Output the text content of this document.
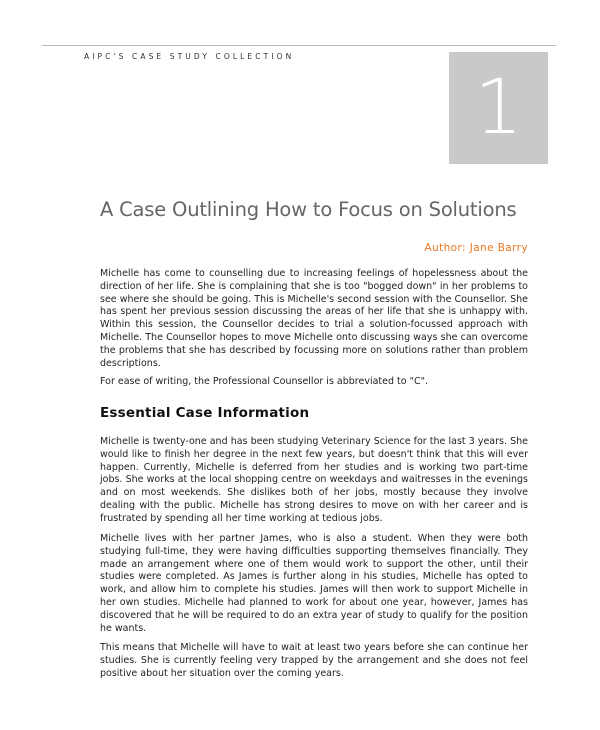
AIPC'S CASE STUDY COLLECTION
1
A Case Outlining How to Focus on Solutions
Author: Jane Barry

Michelle has come to counselling due to increasing feelings of hopelessness about the direction of her life. She is complaining that she is too "bogged down" in her problems to see where she should be going. This is Michelle's second session with the Counsellor. She has spent her previous session discussing the areas of her life that she is unhappy with. Within this session, the Counsellor decides to trial a solution-focussed approach with Michelle. The Counsellor hopes to move Michelle onto discussing ways she can overcome the problems that she has described by focussing more on solutions rather than problem descriptions.

For ease of writing, the Professional Counsellor is abbreviated to "C".

Essential Case Information

Michelle is twenty-one and has been studying Veterinary Science for the last 3 years. She would like to finish her degree in the next few years, but doesn't think that this will ever happen. Currently, Michelle is deferred from her studies and is working two part-time jobs. She works at the local shopping centre on weekdays and waitresses in the evenings and on most weekends. She dislikes both of her jobs, mostly because they involve dealing with the public. Michelle has strong desires to move on with her career and is frustrated by spending all her time working at tedious jobs.

Michelle lives with her partner James, who is also a student. When they were both studying full-time, they were having difficulties supporting themselves financially. They made an arrangement where one of them would work to support the other, until their studies were completed. As James is further along in his studies, Michelle has opted to work, and allow him to complete his studies. James will then work to support Michelle in her own studies. Michelle had planned to work for about one year, however, James has discovered that he will be required to do an extra year of study to qualify for the position he wants.

This means that Michelle will have to wait at least two years before she can continue her studies. She is currently feeling very trapped by the arrangement and she does not feel positive about her situation over the coming years.
